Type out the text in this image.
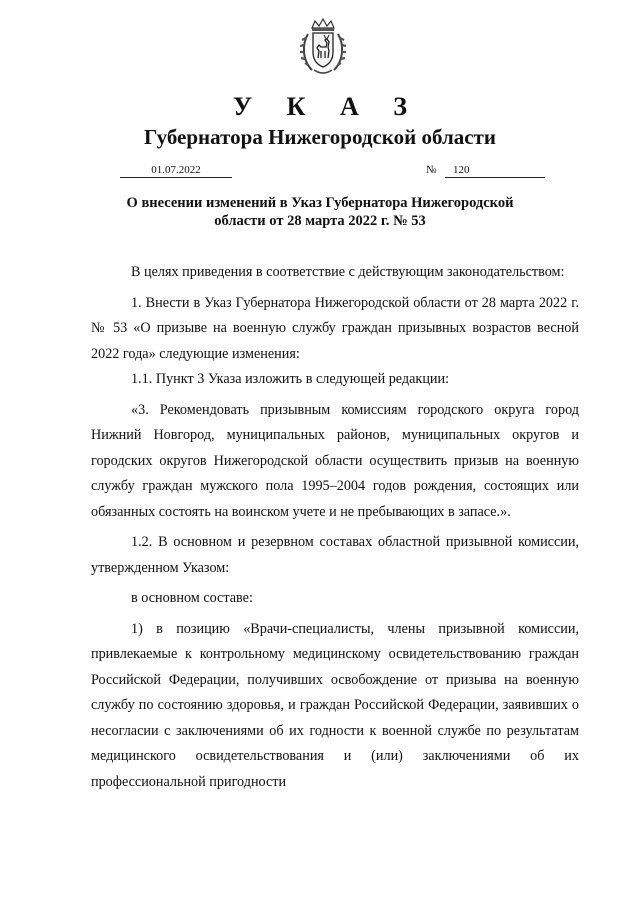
У К А З
Губернатора Нижегородской области
01.07.2022	№	120
О внесении изменений в Указ Губернатора Нижегородской области от 28 марта 2022 г. № 53

В целях приведения в соответствие с действующим законодательством:

1. Внести в Указ Губернатора Нижегородской области от 28 марта 2022 г. № 53 «О призыве на военную службу граждан призывных возрастов весной 2022 года» следующие изменения:

1.1. Пункт 3 Указа изложить в следующей редакции:

«3. Рекомендовать призывным комиссиям городского округа город Нижний Новгород, муниципальных районов, муниципальных округов и городских округов Нижегородской области осуществить призыв на военную службу граждан мужского пола 1995–2004 годов рождения, состоящих или обязанных состоять на воинском учете и не пребывающих в запасе.».

1.2. В основном и резервном составах областной призывной комиссии, утвержденном Указом:

в основном составе:

1) в позицию «Врачи-специалисты, члены призывной комиссии, привлекаемые к контрольному медицинскому освидетельствованию граждан Российской Федерации, получивших освобождение от призыва на военную службу по состоянию здоровья, и граждан Российской Федерации, заявивших о несогласии с заключениями об их годности к военной службе по результатам медицинского освидетельствования и (или) заключениями об их профессиональной пригодности
